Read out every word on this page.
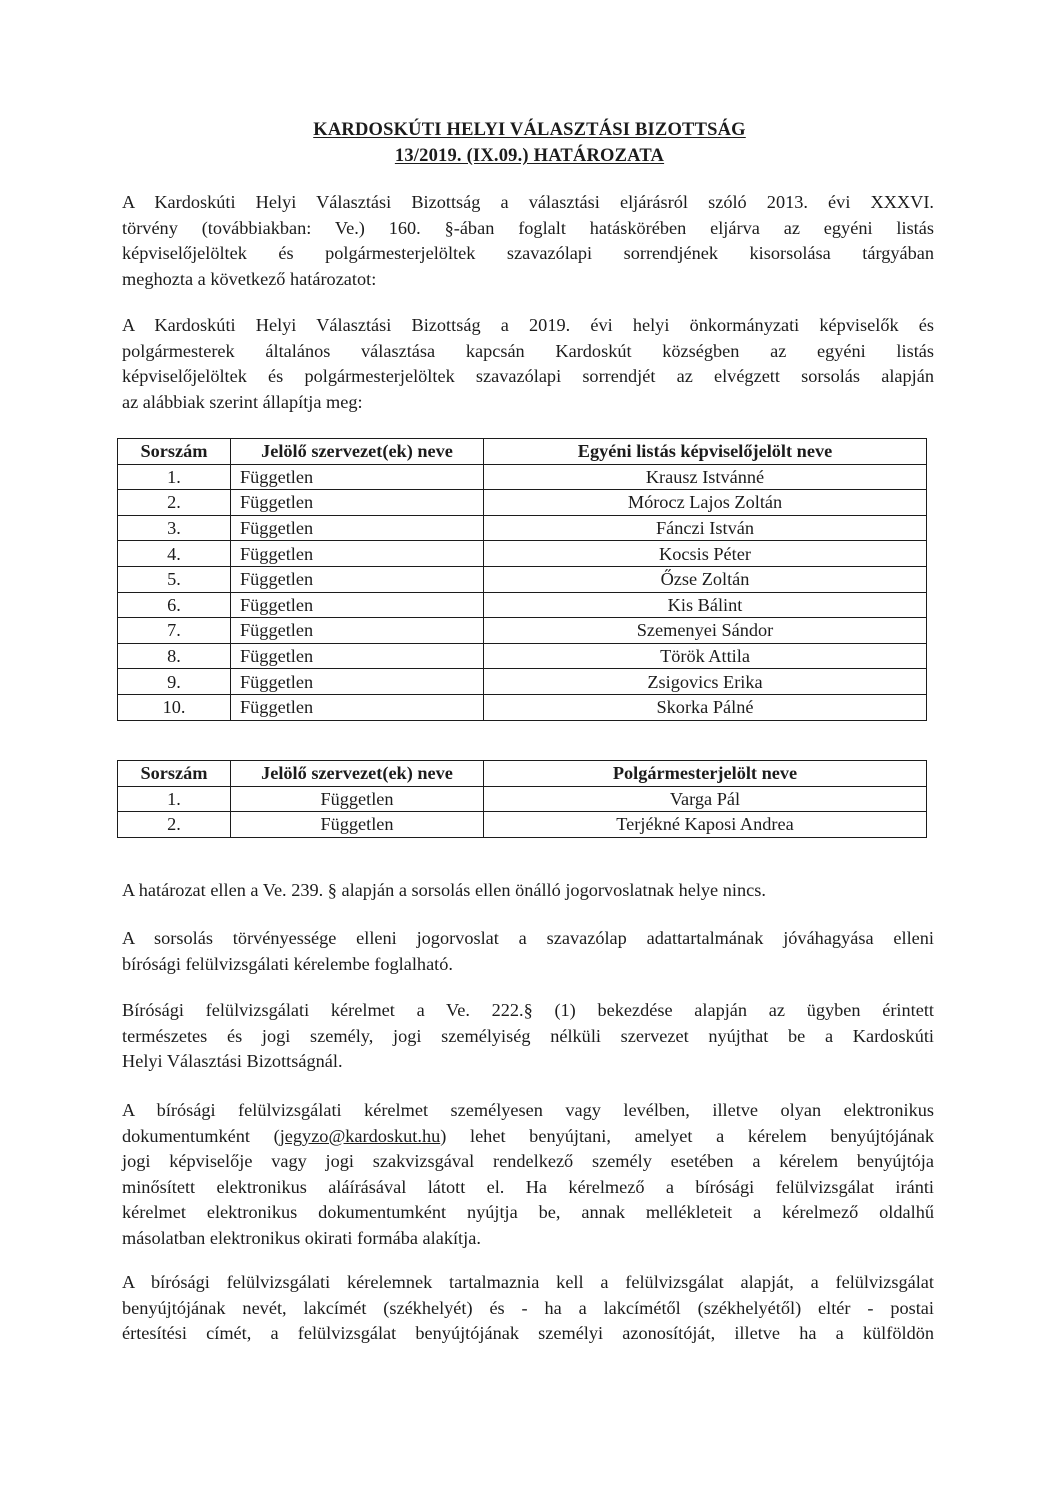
KARDOSKÚTI HELYI VÁLASZTÁSI BIZOTTSÁG
13/2019. (IX.09.) HATÁROZATA
A Kardoskúti Helyi Választási Bizottság a választási eljárásról szóló 2013. évi XXXVI.
törvény (továbbiakban: Ve.) 160. §-ában foglalt hatáskörében eljárva az egyéni listás
képviselőjelöltek és polgármesterjelöltek szavazólapi sorrendjének kisorsolása tárgyában
meghozta a következő határozatot:
A Kardoskúti Helyi Választási Bizottság a 2019. évi helyi önkormányzati képviselők és
polgármesterek általános választása kapcsán Kardoskút községben az egyéni listás
képviselőjelöltek és polgármesterjelöltek szavazólapi sorrendjét az elvégzett sorsolás alapján
az alábbiak szerint állapítja meg:
Sorszám	Jelölő szervezet(ek) neve	Egyéni listás képviselőjelölt neve
1.	Független	Krausz Istvánné
2.	Független	Mórocz Lajos Zoltán
3.	Független	Fánczi István
4.	Független	Kocsis Péter
5.	Független	Őzse Zoltán
6.	Független	Kis Bálint
7.	Független	Szemenyei Sándor
8.	Független	Török Attila
9.	Független	Zsigovics Erika
10.	Független	Skorka Pálné
Sorszám	Jelölő szervezet(ek) neve	Polgármesterjelölt neve
1.	Független	Varga Pál
2.	Független	Terjékné Kaposi Andrea
A határozat ellen a Ve. 239. § alapján a sorsolás ellen önálló jogorvoslatnak helye nincs.
A sorsolás törvényessége elleni jogorvoslat a szavazólap adattartalmának jóváhagyása elleni
bírósági felülvizsgálati kérelembe foglalható.
Bírósági felülvizsgálati kérelmet a Ve. 222.§ (1) bekezdése alapján az ügyben érintett
természetes és jogi személy, jogi személyiség nélküli szervezet nyújthat be a Kardoskúti
Helyi Választási Bizottságnál.
A bírósági felülvizsgálati kérelmet személyesen vagy levélben, illetve olyan elektronikus
dokumentumként (jegyzo@kardoskut.hu) lehet benyújtani, amelyet a kérelem benyújtójának
jogi képviselője vagy jogi szakvizsgával rendelkező személy esetében a kérelem benyújtója
minősített elektronikus aláírásával látott el. Ha kérelmező a bírósági felülvizsgálat iránti
kérelmet elektronikus dokumentumként nyújtja be, annak mellékleteit a kérelmező oldalhű
másolatban elektronikus okirati formába alakítja.
A bírósági felülvizsgálati kérelemnek tartalmaznia kell a felülvizsgálat alapját, a felülvizsgálat
benyújtójának nevét, lakcímét (székhelyét) és - ha a lakcímétől (székhelyétől) eltér - postai
értesítési címét, a felülvizsgálat benyújtójának személyi azonosítóját, illetve ha a külföldön
